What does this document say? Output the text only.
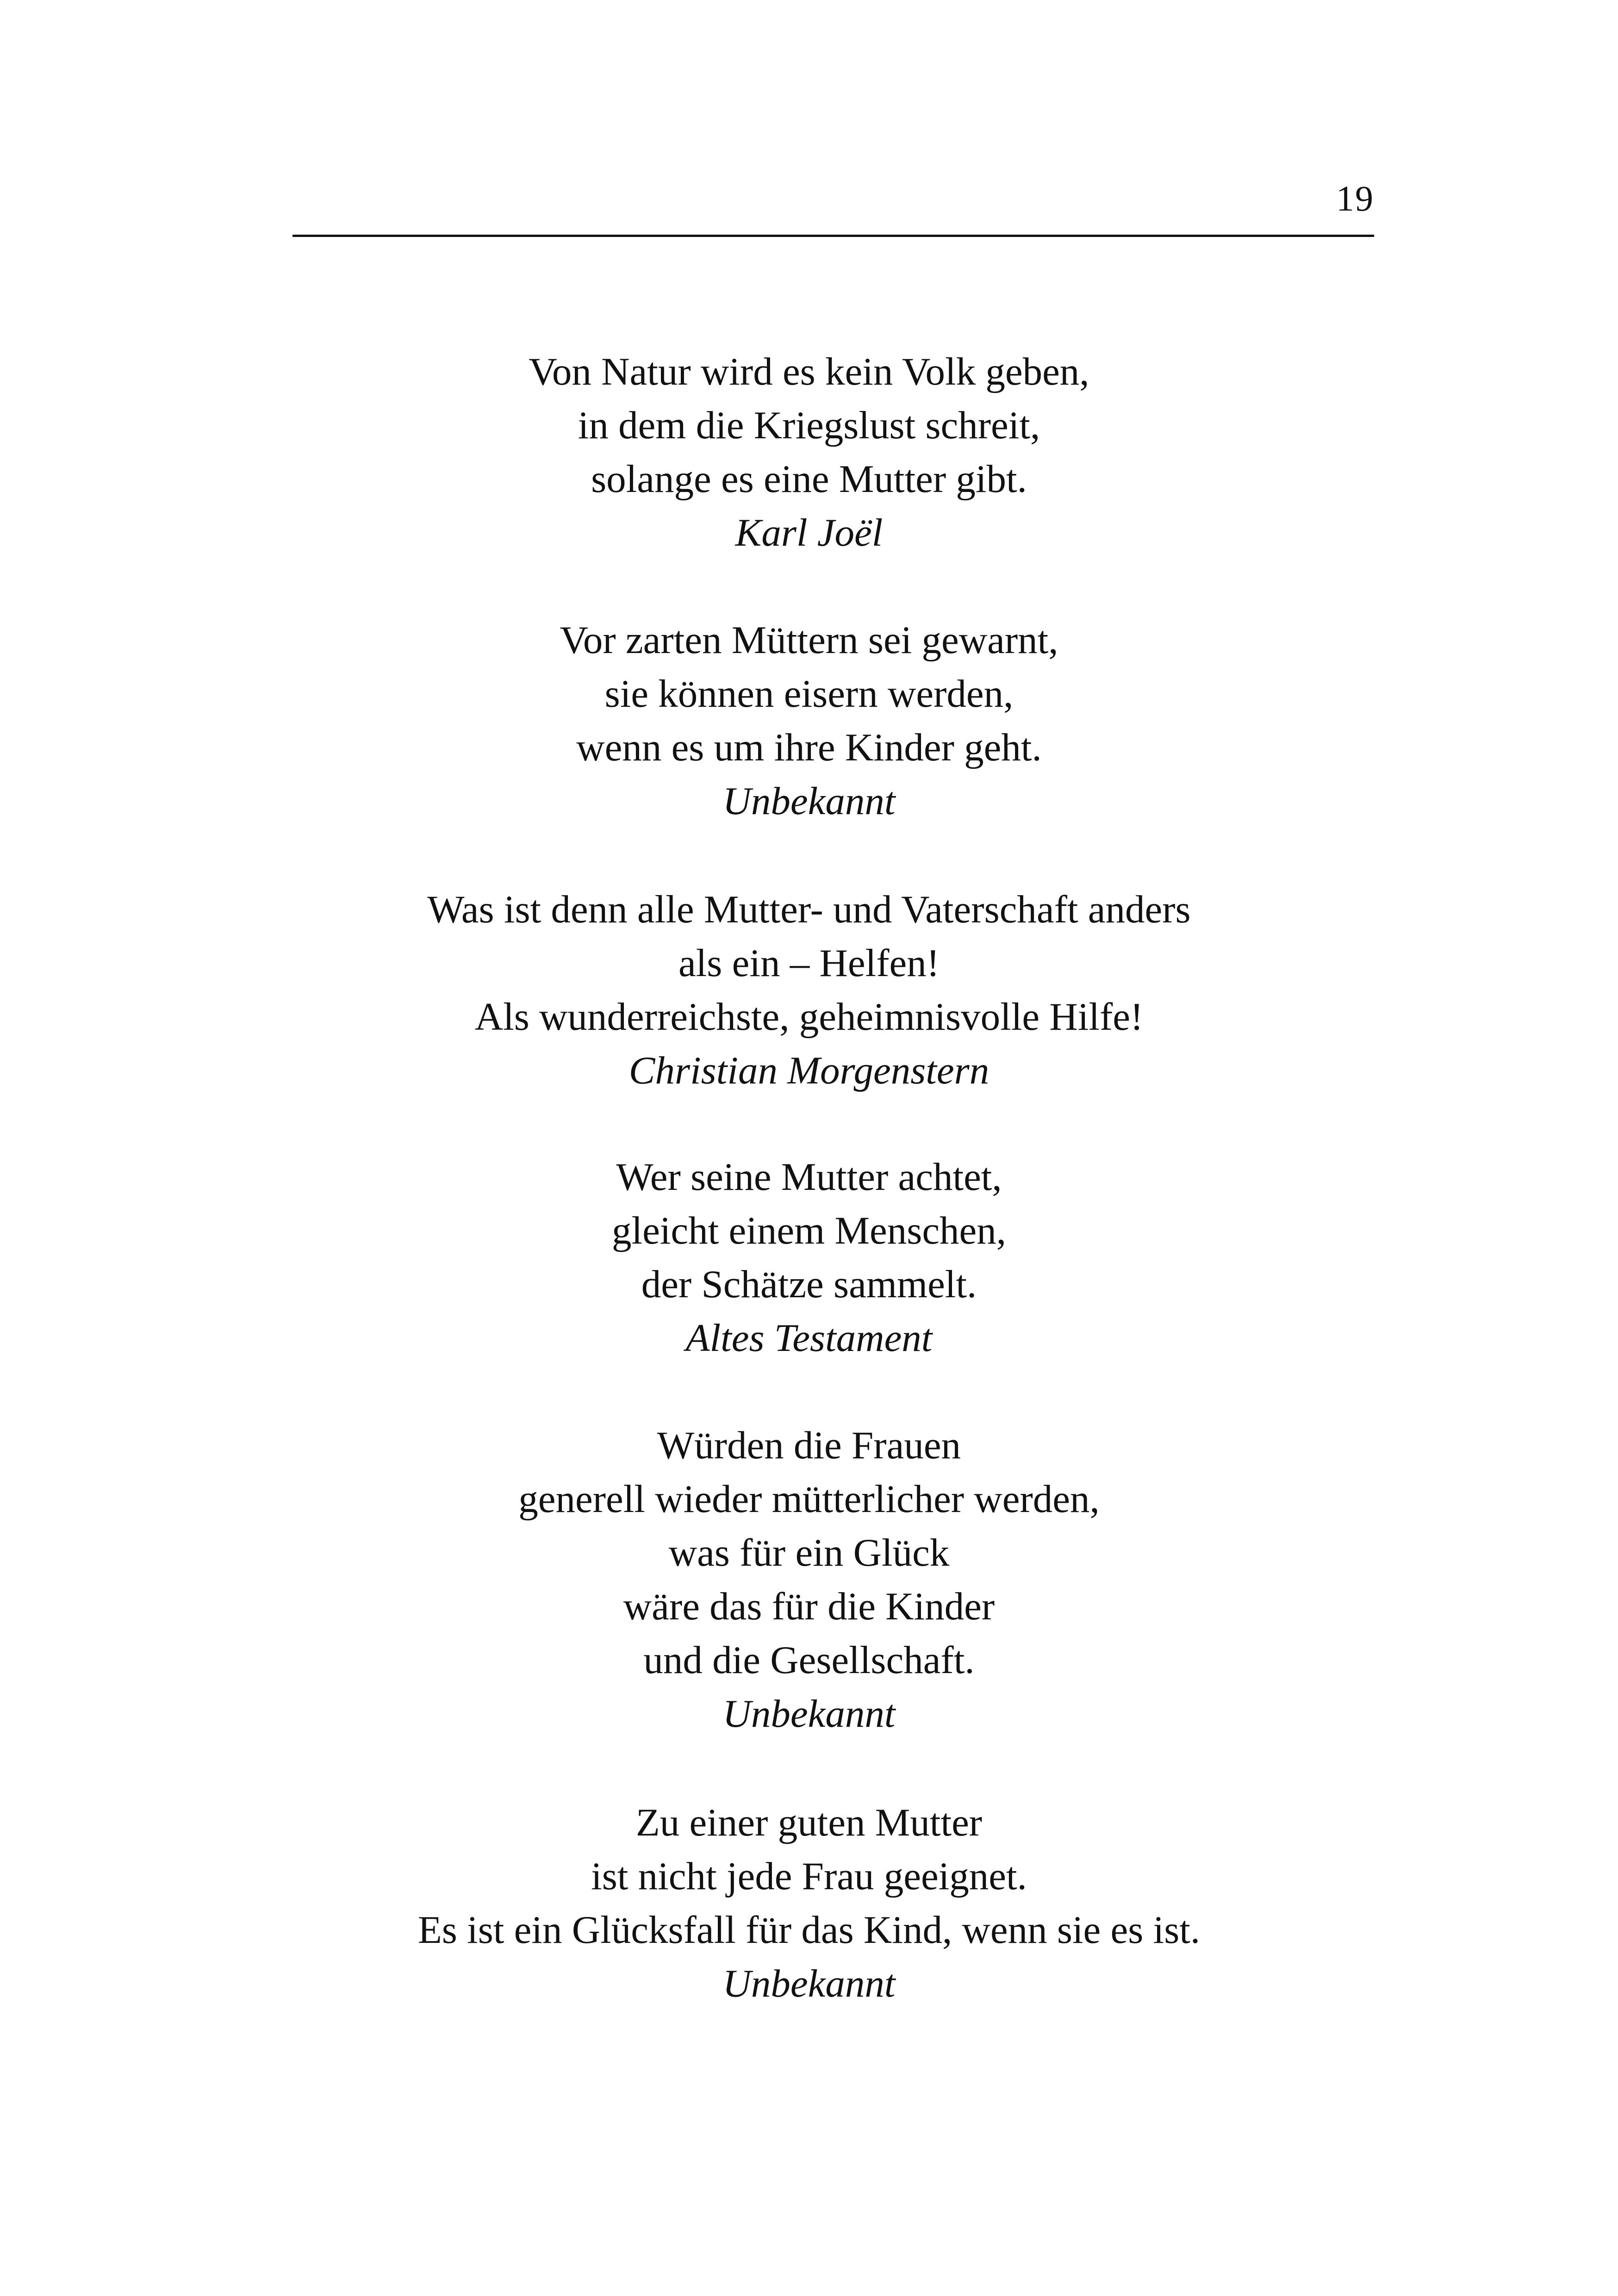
19
Von Natur wird es kein Volk geben,
in dem die Kriegslust schreit,
solange es eine Mutter gibt.
Karl Joël
Vor zarten Müttern sei gewarnt,
sie können eisern werden,
wenn es um ihre Kinder geht.
Unbekannt
Was ist denn alle Mutter- und Vaterschaft anders
als ein – Helfen!
Als wunderreichste, geheimnisvolle Hilfe!
Christian Morgenstern
Wer seine Mutter achtet,
gleicht einem Menschen,
der Schätze sammelt.
Altes Testament
Würden die Frauen
generell wieder mütterlicher werden,
was für ein Glück
wäre das für die Kinder
und die Gesellschaft.
Unbekannt
Zu einer guten Mutter
ist nicht jede Frau geeignet.
Es ist ein Glücksfall für das Kind, wenn sie es ist.
Unbekannt
